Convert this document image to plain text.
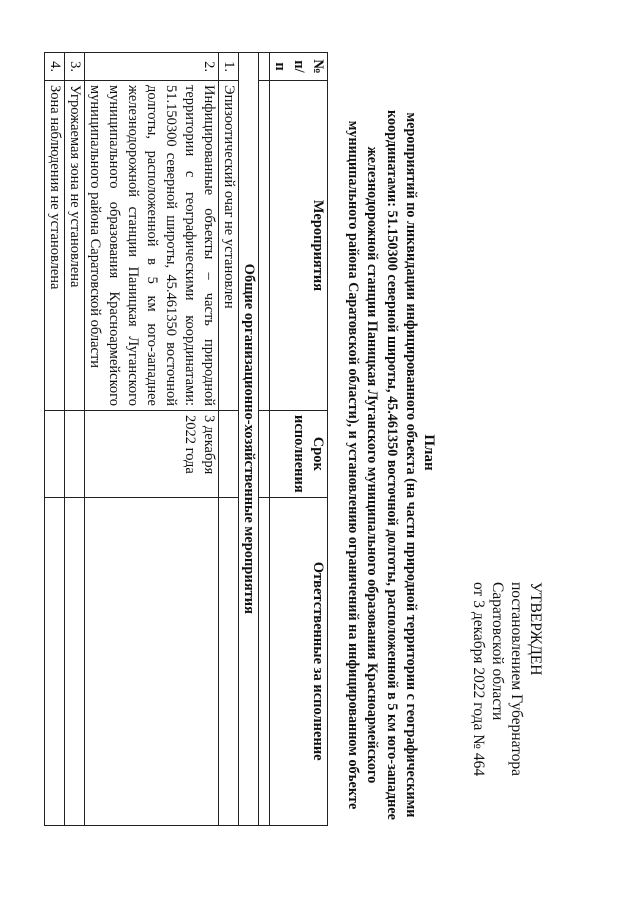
УТВЕРЖДЕН
постановлением Губернатора
Саратовской области
от 3 декабря 2022 года № 464
План
мероприятий по ликвидации инфицированного объекта (на части природной территории с географическими
координатами: 51.150300 северной широты, 45.461350 восточной долготы, расположенной в 5 км юго-западнее
железнодорожной станции Паницкая Луганского муниципального образования Красноармейского
муниципального района Саратовской области), и установлению ограничений на инфицированном объекте
№ п/п	Мероприятия	Срок исполнения	Ответственные за исполнение

Общие организационно-хозяйственные мероприятия			
1.	Эпизоотический очаг не установлен		
2.	Инфицированные объекты – часть природной территории с географическими координатами: 51.150300 северной широты, 45.461350 восточной долготы, расположенной в 5 км юго-западнее железнодорожной станции Паницкая Луганского муниципального образования Красноармейского муниципального района Саратовской области	3 декабря 2022 года	
3.	Угрожаемая зона не установлена		
4.	Зона наблюдения не установлена		
